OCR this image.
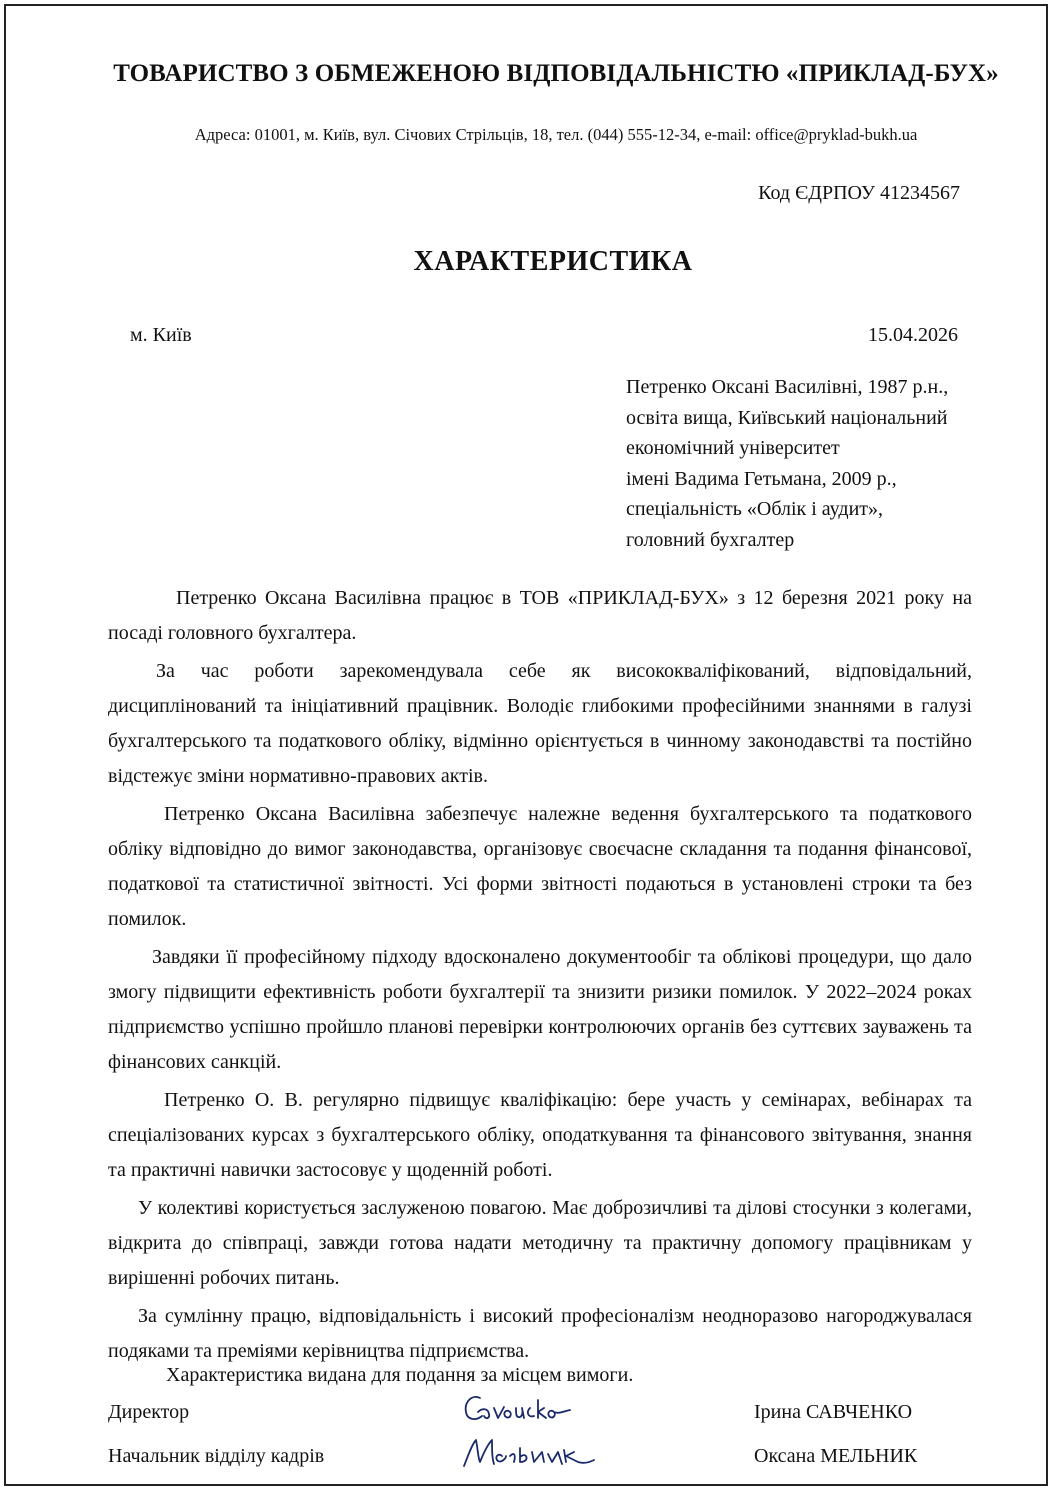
ТОВАРИСТВО З ОБМЕЖЕНОЮ ВІДПОВІДАЛЬНІСТЮ «ПРИКЛАД-БУХ»

Адреса: 01001, м. Київ, вул. Січових Стрільців, 18, тел. (044) 555-12-34, e-mail: office@pryklad-bukh.ua

Код ЄДРПОУ 41234567

ХАРАКТЕРИСТИКА

м. Київ	15.04.2026

Петренко Оксані Василівні, 1987 р.н.,
освіта вища, Київський національний
економічний університет
імені Вадима Гетьмана, 2009 р.,
спеціальність «Облік і аудит»,
головний бухгалтер

Петренко Оксана Василівна працює в ТОВ «ПРИКЛАД-БУХ» з 12 березня 2021 року на посаді головного бухгалтера.

За час роботи зарекомендувала себе як висококваліфікований, відповідальний, дисциплінований та ініціативний працівник. Володіє глибокими професійними знаннями в галузі бухгалтерського та податкового обліку, відмінно орієнтується в чинному законодавстві та постійно відстежує зміни нормативно-правових актів.

Петренко Оксана Василівна забезпечує належне ведення бухгалтерського та податкового обліку відповідно до вимог законодавства, організовує своєчасне складання та подання фінансової, податкової та статистичної звітності. Усі форми звітності подаються в установлені строки та без помилок.

Завдяки її професійному підходу вдосконалено документообіг та облікові процедури, що дало змогу підвищити ефективність роботи бухгалтерії та знизити ризики помилок. У 2022–2024 роках підприємство успішно пройшло планові перевірки контролюючих органів без суттєвих зауважень та фінансових санкцій.

Петренко О. В. регулярно підвищує кваліфікацію: бере участь у семінарах, вебінарах та спеціалізованих курсах з бухгалтерського обліку, оподаткування та фінансового звітування, знання та практичні навички застосовує у щоденній роботі.

У колективі користується заслуженою повагою. Має доброзичливі та ділові стосунки з колегами, відкрита до співпраці, завжди готова надати методичну та практичну допомогу працівникам у вирішенні робочих питань.

За сумлінну працю, відповідальність і високий професіоналізм неодноразово нагороджувалася подяками та преміями керівництва підприємства.

Характеристика видана для подання за місцем вимоги.

Директор	Ірина САВЧЕНКО

Начальник відділу кадрів	Оксана МЕЛЬНИК
